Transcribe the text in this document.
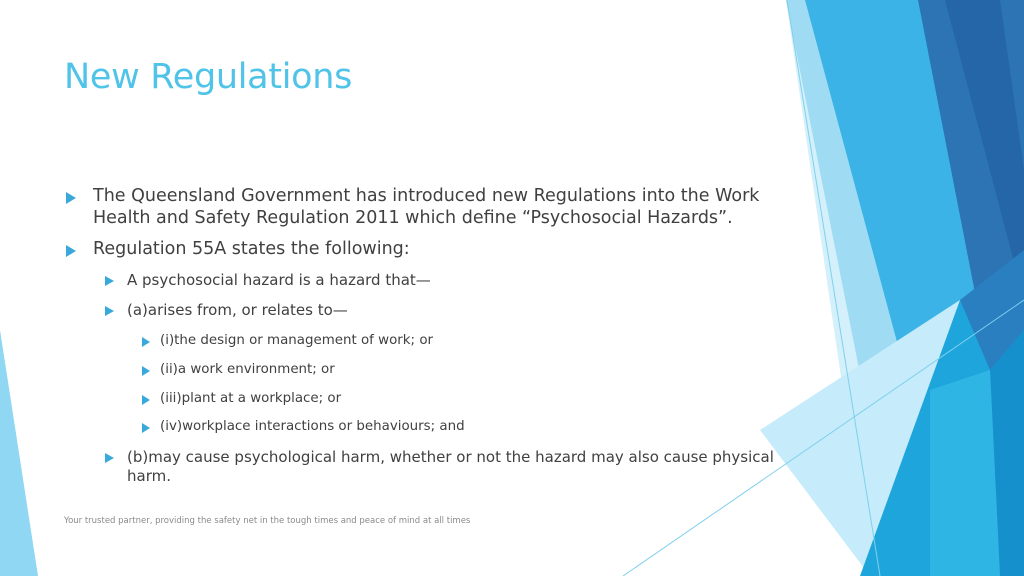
New Regulations
The Queensland Government has introduced new Regulations into the Work Health and Safety Regulation 2011 which define “Psychosocial Hazards”.
Regulation 55A states the following:
A psychosocial hazard is a hazard that—
(a)arises from, or relates to—
(i)the design or management of work; or
(ii)a work environment; or
(iii)plant at a workplace; or
(iv)workplace interactions or behaviours; and
(b)may cause psychological harm, whether or not the hazard may also cause physical harm.
Your trusted partner, providing the safety net in the tough times and peace of mind at all times
